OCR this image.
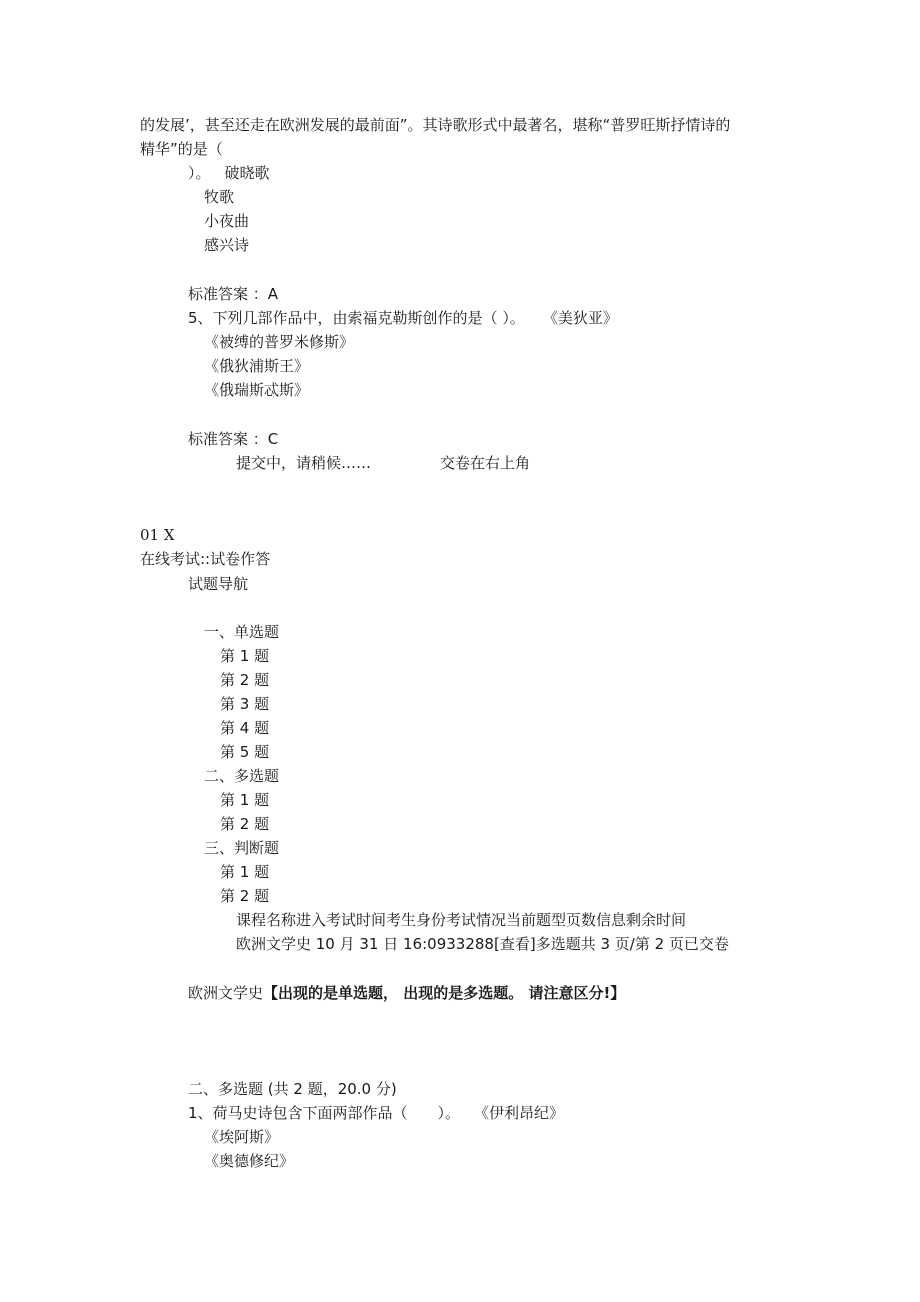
的发展’，甚至还走在欧洲发展的最前面”。其诗歌形式中最著名，堪称“普罗旺斯抒情诗的
精华”的是（
）。 破晓歌
牧歌
小夜曲
感兴诗
标准答案 ：A
5、下列几部作品中，由索福克勒斯创作的是（ ）。 《美狄亚》
《被缚的普罗米修斯》
《俄狄浦斯王》
《俄瑞斯忒斯》
标准答案 ：C
提交中，请稍候……	交卷在右上角
01 X
在线考试::试卷作答
试题导航
一、单选题
第 1 题
第 2 题
第 3 题
第 4 题
第 5 题
二、多选题
第 1 题
第 2 题
三、判断题
第 1 题
第 2 题
课程名称进入考试时间考生身份考试情况当前题型页数信息剩余时间
欧洲文学史 10 月 31 日 16:0933288[查看]多选题共 3 页/第 2 页已交卷
欧洲文学史【出现的是单选题， 出现的是多选题。 请注意区分!】
二、多选题 (共 2 题，20.0 分)
1、荷马史诗包含下面两部作品（　　）。 《伊利昂纪》
《埃阿斯》
《奥德修纪》
